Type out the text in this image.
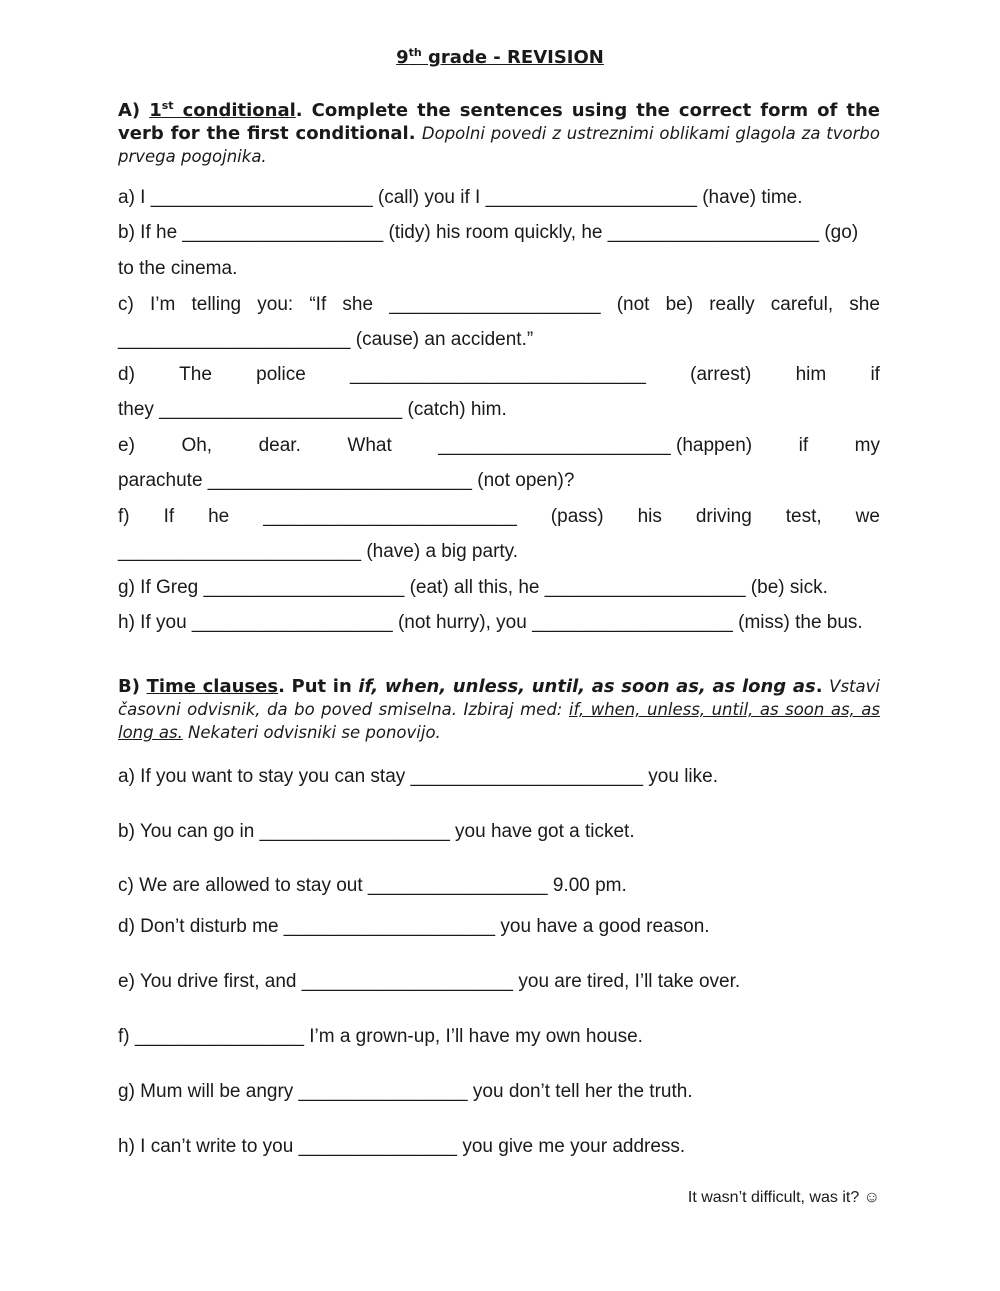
9th grade - REVISION
A) 1st conditional. Complete the sentences using the correct form of the verb for the first conditional. Dopolni povedi z ustreznimi oblikami glagola za tvorbo prvega pogojnika.
a) I _____________________ (call) you if I ____________________ (have) time.
b) If he ___________________ (tidy) his room quickly, he ____________________ (go)
to the cinema.
c) I’m telling you: “If she ____________________ (not be) really careful, she
______________________ (cause) an accident.”
d) The police ____________________________ (arrest) him if
they _______________________ (catch) him.
e) Oh, dear. What ______________________ (happen) if my
parachute _________________________ (not open)?
f) If he ________________________ (pass) his driving test, we
_______________________ (have) a big party.
g) If Greg ___________________ (eat) all this, he ___________________ (be) sick.
h) If you ___________________ (not hurry), you ___________________ (miss) the bus.
B) Time clauses. Put in if, when, unless, until, as soon as, as long as. Vstavi časovni odvisnik, da bo poved smiselna. Izbiraj med: if, when, unless, until, as soon as, as long as. Nekateri odvisniki se ponovijo.
a) If you want to stay you can stay ______________________ you like.
b) You can go in __________________ you have got a ticket.
c) We are allowed to stay out _________________ 9.00 pm.
d) Don’t disturb me ____________________ you have a good reason.
e) You drive first, and ____________________ you are tired, I’ll take over.
f) ________________ I’m a grown-up, I’ll have my own house.
g) Mum will be angry ________________ you don’t tell her the truth.
h) I can’t write to you _______________ you give me your address.
It wasn’t difficult, was it? ☺
